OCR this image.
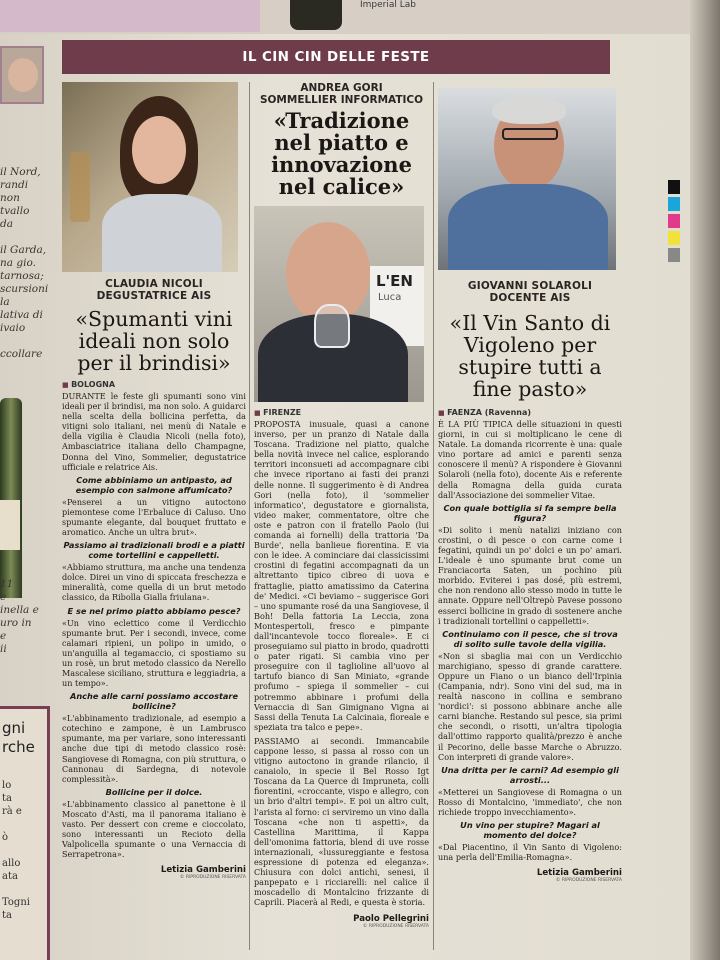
Imperial Lab
IL CIN CIN DELLE FESTE
il Nord,
randi
non
tvallo
da

il Garda,
na gio.
tarnosa;
scursioni
la
lativa di
ivaio

ccollare
11
e
inella e
uro in
e
ii
gni
rche
lo
ta
rà e

ò

allo
ata

Togni
ta
CLAUDIA NICOLI
DEGUSTATRICE AIS
«Spumanti vini ideali non solo per il brindisi»
■ BOLOGNA
DURANTE le feste gli spumanti sono vini ideali per il brindisi, ma non solo. A guidarci nella scelta della bollicina perfetta, da vitigni solo italiani, nei menù di Natale e della vigilia è Claudia Nicoli (nella foto), Ambasciatrice italiana dello Champagne, Donna del Vino, Sommelier, degustatrice ufficiale e relatrice Ais.
Come abbiniamo un antipasto, ad esempio con salmone affumicato?
«Penserei a un vitigno autoctono piemontese come l'Erbaluce di Caluso. Uno spumante elegante, dal bouquet fruttato e aromatico. Anche un ultra brut».
Passiamo ai tradizionali brodi e a piatti come tortellini e cappelletti.
«Abbiamo struttura, ma anche una tendenza dolce. Direi un vino di spiccata freschezza e mineralità, come quella di un brut metodo classico, da Ribolla Gialla friulana».
E se nel primo piatto abbiamo pesce?
«Un vino eclettico come il Verdicchio spumante brut. Per i secondi, invece, come calamari ripieni, un polipo in umido, o un'anguilla al tegamaccio, ci spostiamo su un rosè, un brut metodo classico da Nerello Mascalese siciliano, struttura e leggiadria, a un tempo».
Anche alle carni possiamo accostare bollicine?
«L'abbinamento tradizionale, ad esempio a cotechino e zampone, è un Lambrusco spumante, ma per variare, sono interessanti anche due tipi di metodo classico rosè: Sangiovese di Romagna, con più struttura, o Cannonau di Sardegna, di notevole complessità».
Bollicine per il dolce.
«L'abbinamento classico al panettone è il Moscato d'Asti, ma il panorama italiano è vasto. Per dessert con creme e cioccolato, sono interessanti un Recioto della Valpolicella spumante o una Vernaccia di Serrapetrona».
Letizia Gamberini
© RIPRODUZIONE RISERVATA
ANDREA GORI
SOMMELLIER INFORMATICO
«Tradizione nel piatto e innovazione nel calice»
L'EN
Luca
■ FIRENZE
PROPOSTA inusuale, quasi a canone inverso, per un pranzo di Natale dalla Toscana. Tradizione nel piatto, qualche bella novità invece nel calice, esplorando territori inconsueti ad accompagnare cibi che invece riportano ai fasti dei pranzi delle nonne. Il suggerimento è di Andrea Gori (nella foto), il 'sommelier informatico', degustatore e giornalista, video maker, commentatore, oltre che oste e patron con il fratello Paolo (lui comanda ai fornelli) della trattoria 'Da Burde', nella banlieue fiorentina. E via con le idee. A cominciare dai classicissimi crostini di fegatini accompagnati da un altrettanto tipico cibreo di uova e frattaglie, piatto amatissimo da Caterina de' Medici. «Ci beviamo – suggerisce Gori – uno spumante rosé da una Sangiovese, il Boh! Della fattoria La Leccia, zona Montespertoli, fresco e pimpante dall'incantevole tocco floreale». E ci proseguiamo sul piatto in brodo, quadrotti o pater rigati. Si cambia vino per proseguire con il taglioline all'uovo al tartufo bianco di San Miniato, «grande profumo – spiega il sommelier – cui potremmo abbinare i profumi della Vernaccia di San Gimignano Vigna ai Sassi della Tenuta La Calcinaia, floreale e speziata tra talco e pepe».
PASSIAMO ai secondi. Immancabile cappone lesso, si passa al rosso con un vitigno autoctono in grande rilancio, il canaiolo, in specie il Bel Rosso Igt Toscana da La Querce di Impruneta, colli fiorentini, «croccante, vispo e allegro, con un brio d'altri tempi». E poi un altro cult, l'arista al forno: ci serviremo un vino dalla Toscana «che non ti aspetti», da Castellina Marittima, il Kappa dell'omonima fattoria, blend di uve rosse internazionali, «lussureggiante e festosa espressione di potenza ed eleganza». Chiusura con dolci antichi, senesi, il panpepato e i ricciarelli: nel calice il moscadello di Montalcino frizzante di Caprili. Piacerà al Redi, e questa è storia.
Paolo Pellegrini
© RIPRODUZIONE RISERVATA
GIOVANNI SOLAROLI
DOCENTE AIS
«Il Vin Santo di Vigoleno per stupire tutti a fine pasto»
■ FAENZA (Ravenna)
È LA PIÙ TIPICA delle situazioni in questi giorni, in cui si moltiplicano le cene di Natale. La domanda ricorrente è una: quale vino portare ad amici e parenti senza conoscere il menù? A rispondere è Giovanni Solaroli (nella foto), docente Ais e referente della Romagna della guida curata dall'Associazione dei sommelier Vitae.
Con quale bottiglia si fa sempre bella figura?
«Di solito i menù natalizi iniziano con crostini, o di pesce o con carne come i fegatini, quindi un po' dolci e un po' amari. L'ideale è uno spumante brut come un Franciacorta Saten, un pochino più morbido. Eviterei i pas dosé, più estremi, che non rendono allo stesso modo in tutte le annate. Oppure nell'Oltrepò Pavese possono esserci bollicine in grado di sostenere anche i tradizionali tortellini o cappelletti».
Continuiamo con il pesce, che si trova di solito sulle tavole della vigilia.
«Non si sbaglia mai con un Verdicchio marchigiano, spesso di grande carattere. Oppure un Fiano o un bianco dell'Irpinia (Campania, ndr). Sono vini del sud, ma in realtà nascono in collina e sembrano 'nordici': si possono abbinare anche alle carni bianche. Restando sul pesce, sia primi che secondi, o risotti, un'altra tipologia dall'ottimo rapporto qualità/prezzo è anche il Pecorino, delle basse Marche o Abruzzo. Con interpreti di grande valore».
Una dritta per le carni? Ad esempio gli arrosti...
«Metterei un Sangiovese di Romagna o un Rosso di Montalcino, 'immediato', che non richiede troppo invecchiamento».
Un vino per stupire? Magari al momento del dolce?
«Dal Piacentino, il Vin Santo di Vigoleno: una perla dell'Emilia-Romagna».
Letizia Gamberini
© RIPRODUZIONE RISERVATA
